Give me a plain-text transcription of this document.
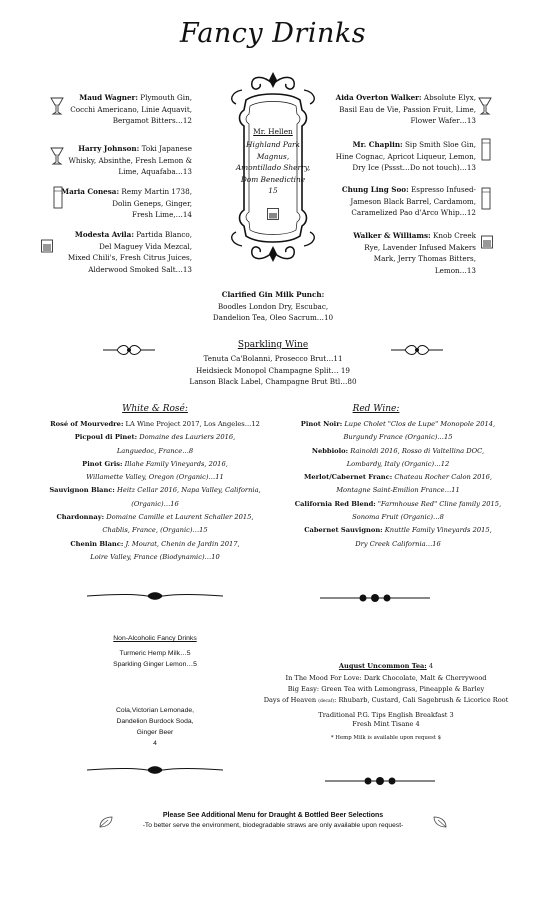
Fancy Drinks
Maud Wagner: Plymouth Gin,
Cocchi Americano, Linie Aquavit,
Bergamot Bitters…12
Harry Johnson: Toki Japanese
Whisky, Absinthe, Fresh Lemon &
Lime, Aquafaba…13
Maria Conesa: Remy Martin 1738,
Dolin Geneps, Ginger,
Fresh Lime,…14
Modesta Avila: Partida Blanco,
Del Maguey Vida Mezcal,
Mixed Chili's, Fresh Citrus Juices,
Alderwood Smoked Salt…13
Mr. Hellen
Highland Park
Magnus,
Amontillado Sherry,
Dom Benedictine
15
Aida Overton Walker: Absolute Elyx,
Basil Eau de Vie, Passion Fruit, Lime,
Flower Wafer…13
Mr. Chaplin: Sip Smith Sloe Gin,
Hine Cognac, Apricot Liqueur, Lemon,
Dry Ice (Pssst…Do not touch)…13
Chung Ling Soo: Espresso Infused-
Jameson Black Barrel, Cardamom,
Caramelized Pao d'Arco Whip…12
Walker & Williams: Knob Creek
Rye, Lavender Infused Makers
Mark, Jerry Thomas Bitters,
Lemon…13
Clarified Gin Milk Punch:
Boodles London Dry, Escubac,
Dandelion Tea, Oleo Sacrum…10
Sparkling Wine
Tenuta Ca'Bolanni, Prosecco Brut…11
Heidsieck Monopol Champagne Split… 19
Lanson Black Label, Champagne Brut Btl…80
White & Rosé:
Rosé of Mourvedre: LA Wine Project 2017, Los Angeles…12
Picpoul di Pinet: Domaine des Lauriers 2016,
Languedoc, France…8
Pinot Gris: Illahe Family Vineyards, 2016,
Willamette Valley, Oregon (Organic)…11
Sauvignon Blanc: Heitz Cellar 2016, Napa Valley, California,
(Organic)…16
Chardonnay: Domaine Camille et Laurent Schaller 2015,
Chablis, France, (Organic)…15
Chenin Blanc: J. Mourat, Chenin de Jardin 2017,
Loire Valley, France (Biodynamic)…10
Red Wine:
Pinot Noir: Lupe Cholet "Clos de Lupe" Monopole 2014,
Burgundy France (Organic)…15
Nebbiolo: Rainoldi 2016, Rosso di Valtellina DOC,
Lombardy, Italy (Organic)…12
Merlot/Cabernet Franc: Chateau Rocher Calon 2016,
Montagne Saint-Emilion France…11
California Red Blend: "Farmhouse Red" Cline family 2015,
Sonoma Fruit (Organic)…8
Cabernet Sauvignon: Knuttle Family Vineyards 2015,
Dry Creek California…16
Non-Alcoholic Fancy Drinks
Turmeric Hemp Milk…5
Sparkling Ginger Lemon…5
Cola,Victorian Lemonade,
Dandelion Burdock Soda,
Ginger Beer
4
August Uncommon Tea: 4
In The Mood For Love: Dark Chocolate, Malt & Cherrywood
Big Easy: Green Tea with Lemongrass, Pineapple & Barley
Days of Heaven (decaf): Rhubarb, Custard, Cali Sagebrush & Licorice Root
Traditional P.G. Tips English Breakfast 3
Fresh Mint Tisane 4
* Hemp Milk is available upon request $
Please See Additional Menu for Draught & Bottled Beer Selections
-To better serve the environment, biodegradable straws are only available upon request-
